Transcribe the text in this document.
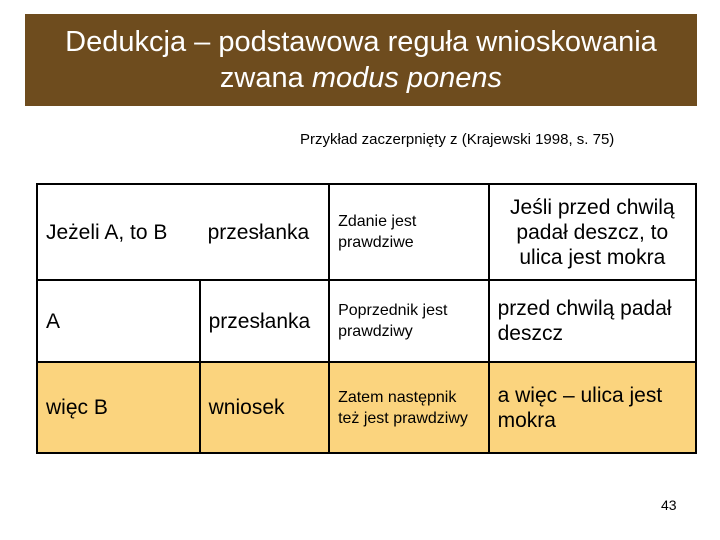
Dedukcja – podstawowa reguła wnioskowania
zwana modus ponens
Przykład zaczerpnięty z (Krajewski 1998, s. 75)
Jeżeli A, to B	przesłanka	Zdanie jest prawdziwe	Jeśli przed chwilą padał deszcz, to ulica jest mokra
A	przesłanka	Poprzednik jest prawdziwy	przed chwilą padał deszcz
więc B	wniosek	Zatem następnik też jest prawdziwy	a więc – ulica jest mokra
43
